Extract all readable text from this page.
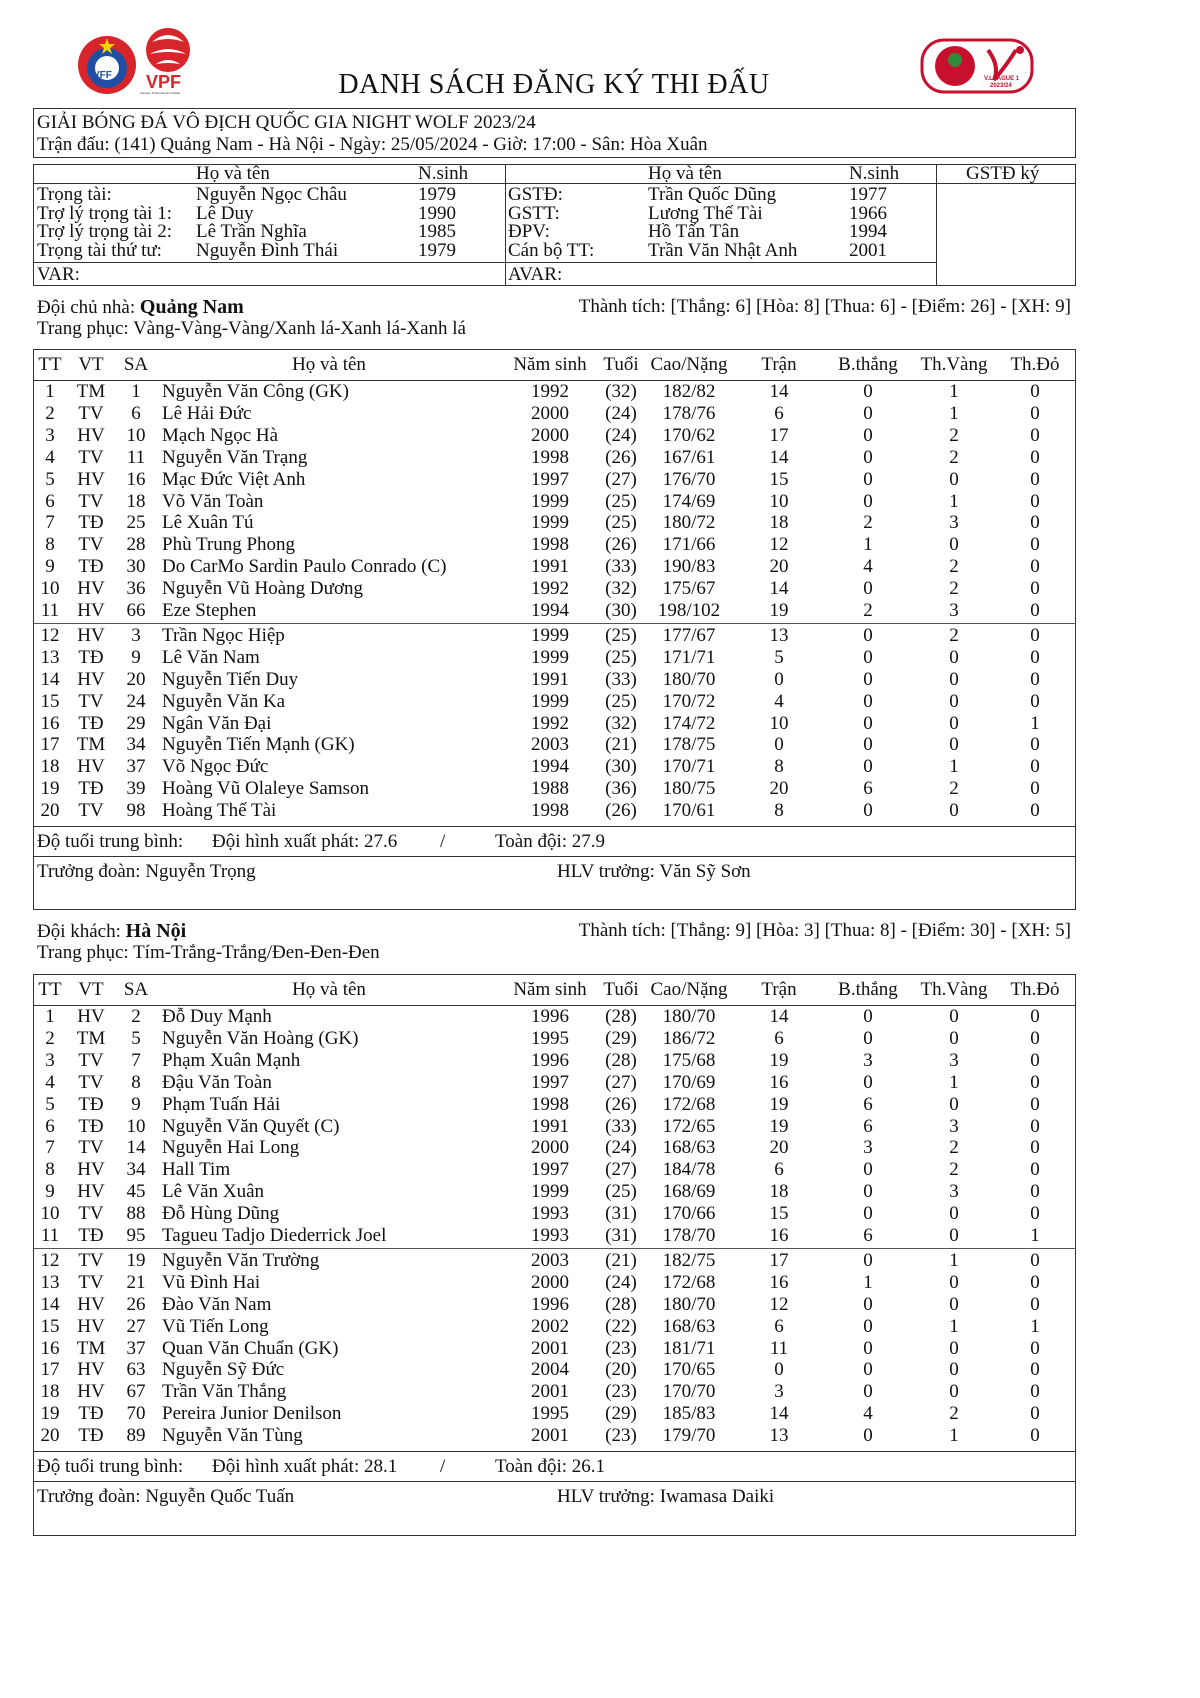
VFF VPF
Vietnam Professional Football
V.LEAGUE 1
2023/24
DANH SÁCH ĐĂNG KÝ THI ĐẤU
GIẢI BÓNG ĐÁ VÔ ĐỊCH QUỐC GIA NIGHT WOLF 2023/24
Trận đấu: (141) Quảng Nam - Hà Nội - Ngày: 25/05/2024 - Giờ: 17:00 - Sân: Hòa Xuân
Họ và tên	N.sinh	Họ và tên	N.sinh	GSTĐ ký
Trọng tài:	Nguyễn Ngọc Châu	1979
Trợ lý trọng tài 1: Lê Duy	1990
Trợ lý trọng tài 2: Lê Trần Nghĩa	1985
Trọng tài thứ tư: Nguyễn Đình Thái	1979
GSTĐ:	Trần Quốc Dũng	1977
GSTT:	Lương Thế Tài	1966
ĐPV:	Hồ Tấn Tân	1994
Cán bộ TT:	Trần Văn Nhật Anh	2001
VAR:	AVAR:
Đội chủ nhà: Quảng Nam	Thành tích: [Thắng: 6] [Hòa: 8] [Thua: 6] - [Điểm: 26] - [XH: 9]
Trang phục: Vàng-Vàng-Vàng/Xanh lá-Xanh lá-Xanh lá
TT VT	SA	Họ và tên	Năm sinh Tuổi Cao/Nặng	Trận	B.thắng	Th.Vàng	Th.Đỏ
1	TM	1	Nguyễn Văn Công (GK)	1992	(32)	182/82	14	0	1	0
2	TV	6	Lê Hải Đức	2000	(24)	178/76	6	0	1	0
3	HV	10 Mạch Ngọc Hà	2000	(24)	170/62	17	0	2	0
4	TV	11 Nguyễn Văn Trạng	1998	(26)	167/61	14	0	2	0
5	HV	16 Mạc Đức Việt Anh	1997	(27)	176/70	15	0	0	0
6	TV	18 Võ Văn Toàn	1999	(25)	174/69	10	0	1	0
7	TĐ	25 Lê Xuân Tú	1999	(25)	180/72	18	2	3	0
8	TV	28 Phù Trung Phong	1998	(26)	171/66	12	1	0	0
9	TĐ	30 Do CarMo Sardin Paulo Conrado (C)	1991	(33)	190/83	20	4	2	0
10 HV	36 Nguyễn Vũ Hoàng Dương	1992	(32)	175/67	14	0	2	0
11 HV	66 Eze Stephen	1994	(30)	198/102	19	2	3	0
12 HV	3	Trần Ngọc Hiệp	1999	(25)	177/67	13	0	2	0
13 TĐ	9	Lê Văn Nam	1999	(25)	171/71	5	0	0	0
14 HV	20 Nguyễn Tiến Duy	1991	(33)	180/70	0	0	0	0
15 TV	24 Nguyễn Văn Ka	1999	(25)	170/72	4	0	0	0
16 TĐ	29 Ngân Văn Đại	1992	(32)	174/72	10	0	0	1
17 TM	34 Nguyễn Tiến Mạnh (GK)	2003	(21)	178/75	0	0	0	0
18 HV	37 Võ Ngọc Đức	1994	(30)	170/71	8	0	1	0
19 TĐ	39 Hoàng Vũ Olaleye Samson	1988	(36)	180/75	20	6	2	0
20 TV	98 Hoàng Thế Tài	1998	(26)	170/61	8	0	0	0
Độ tuổi trung bình: Đội hình xuất phát: 27.6 /	Toàn đội: 27.9
Trưởng đoàn: Nguyễn Trọng	HLV trưởng: Văn Sỹ Sơn
Đội khách: Hà Nội	Thành tích: [Thắng: 9] [Hòa: 3] [Thua: 8] - [Điểm: 30] - [XH: 5]
Trang phục: Tím-Trắng-Trắng/Đen-Đen-Đen
TT VT	SA	Họ và tên	Năm sinh Tuổi Cao/Nặng	Trận	B.thắng	Th.Vàng	Th.Đỏ
1	HV	2	Đỗ Duy Mạnh	1996	(28)	180/70	14	0	0	0
2	TM	5	Nguyễn Văn Hoàng (GK)	1995	(29)	186/72	6	0	0	0
3	TV	7	Phạm Xuân Mạnh	1996	(28)	175/68	19	3	3	0
4	TV	8	Đậu Văn Toàn	1997	(27)	170/69	16	0	1	0
5	TĐ	9	Phạm Tuấn Hải	1998	(26)	172/68	19	6	0	0
6	TĐ	10 Nguyễn Văn Quyết (C)	1991	(33)	172/65	19	6	3	0
7	TV	14 Nguyễn Hai Long	2000	(24)	168/63	20	3	2	0
8	HV	34 Hall Tim	1997	(27)	184/78	6	0	2	0
9	HV	45 Lê Văn Xuân	1999	(25)	168/69	18	0	3	0
10 TV	88 Đỗ Hùng Dũng	1993	(31)	170/66	15	0	0	0
11	TĐ	95 Tagueu Tadjo Diederrick Joel	1993	(31)	178/70	16	6	0	1
12 TV	19 Nguyễn Văn Trường	2003	(21)	182/75	17	0	1	0
13 TV	21 Vũ Đình Hai	2000	(24)	172/68	16	1	0	0
14 HV	26 Đào Văn Nam	1996	(28)	180/70	12	0	0	0
15 HV	27 Vũ Tiến Long	2002	(22)	168/63	6	0	1	1
16 TM	37 Quan Văn Chuẩn (GK)	2001	(23)	181/71	11	0	0	0
17 HV	63 Nguyễn Sỹ Đức	2004	(20)	170/65	0	0	0	0
18 HV	67 Trần Văn Thắng	2001	(23)	170/70	3	0	0	0
19 TĐ	70 Pereira Junior Denilson	1995	(29)	185/83	14	4	2	0
20 TĐ	89 Nguyễn Văn Tùng	2001	(23)	179/70	13	0	1	0
Độ tuổi trung bình: Đội hình xuất phát: 28.1 /	Toàn đội: 26.1
Trưởng đoàn: Nguyễn Quốc Tuấn	HLV trưởng: Iwamasa Daiki
